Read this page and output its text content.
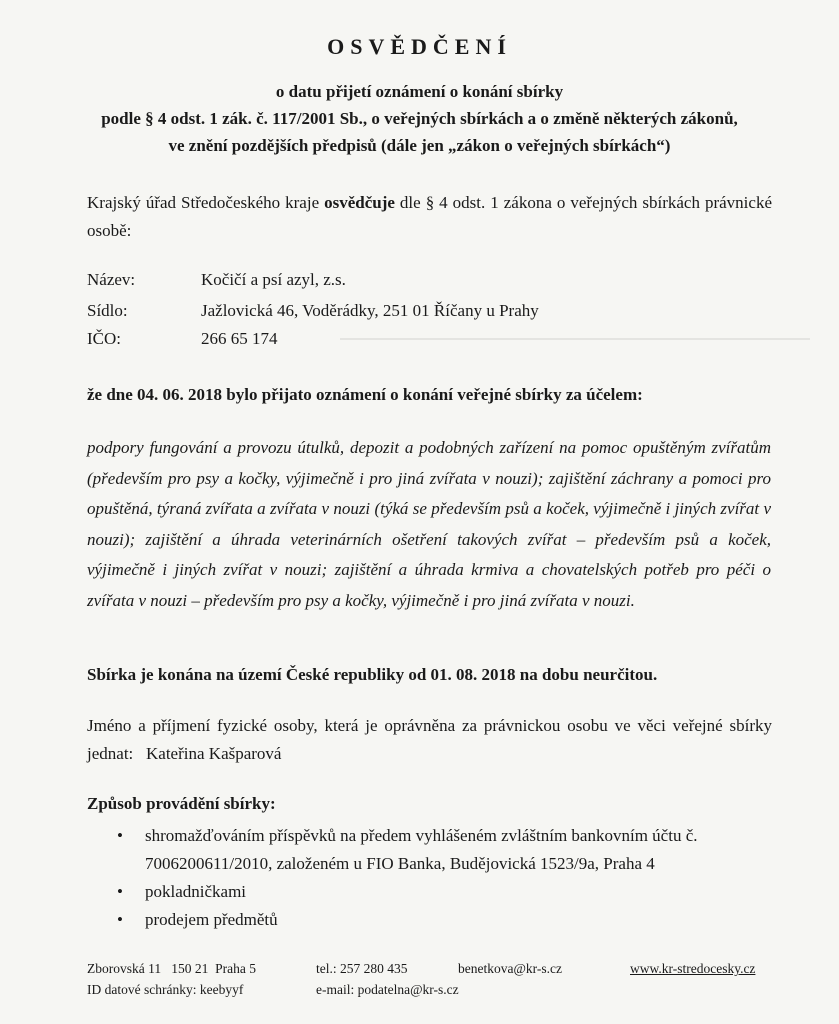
OSVĚDČENÍ
o datu přijetí oznámení o konání sbírky
podle § 4 odst. 1 zák. č. 117/2001 Sb., o veřejných sbírkách a o změně některých zákonů,
ve znění pozdějších předpisů (dále jen „zákon o veřejných sbírkách“)
Krajský úřad Středočeského kraje osvědčuje dle § 4 odst. 1 zákona o veřejných sbírkách právnické osobě:
Název:	Kočičí a psí azyl, z.s.
Sídlo:	Jažlovická 46, Voděrádky, 251 01 Říčany u Prahy
IČO:	266 65 174
že dne 04. 06. 2018 bylo přijato oznámení o konání veřejné sbírky za účelem:
podpory fungování a provozu útulků, depozit a podobných zařízení na pomoc opuštěným zvířatům (především pro psy a kočky, výjimečně i pro jiná zvířata v nouzi); zajištění záchrany a pomoci pro opuštěná, týraná zvířata a zvířata v nouzi (týká se především psů a koček, výjimečně i jiných zvířat v nouzi); zajištění a úhrada veterinárních ošetření takových zvířat – především psů a koček, výjimečně i jiných zvířat v nouzi; zajištění a úhrada krmiva a chovatelských potřeb pro péči o zvířata v nouzi – především pro psy a kočky, výjimečně i pro jiná zvířata v nouzi.
Sbírka je konána na území České republiky od 01. 08. 2018 na dobu neurčitou.
Jméno a příjmení fyzické osoby, která je oprávněna za právnickou osobu ve věci veřejné sbírky jednat: Kateřina Kašparová
Způsob provádění sbírky:
• shromažďováním příspěvků na předem vyhlášeném zvláštním bankovním účtu č. 7006200611/2010, založeném u FIO Banka, Budějovická 1523/9a, Praha 4
• pokladničkami
• prodejem předmětů
Zborovská 11   150 21  Praha 5
ID datové schránky: keebyyf
tel.: 257 280 435
e-mail: podatelna@kr-s.cz
benetkova@kr-s.cz	www.kr-stredocesky.cz
